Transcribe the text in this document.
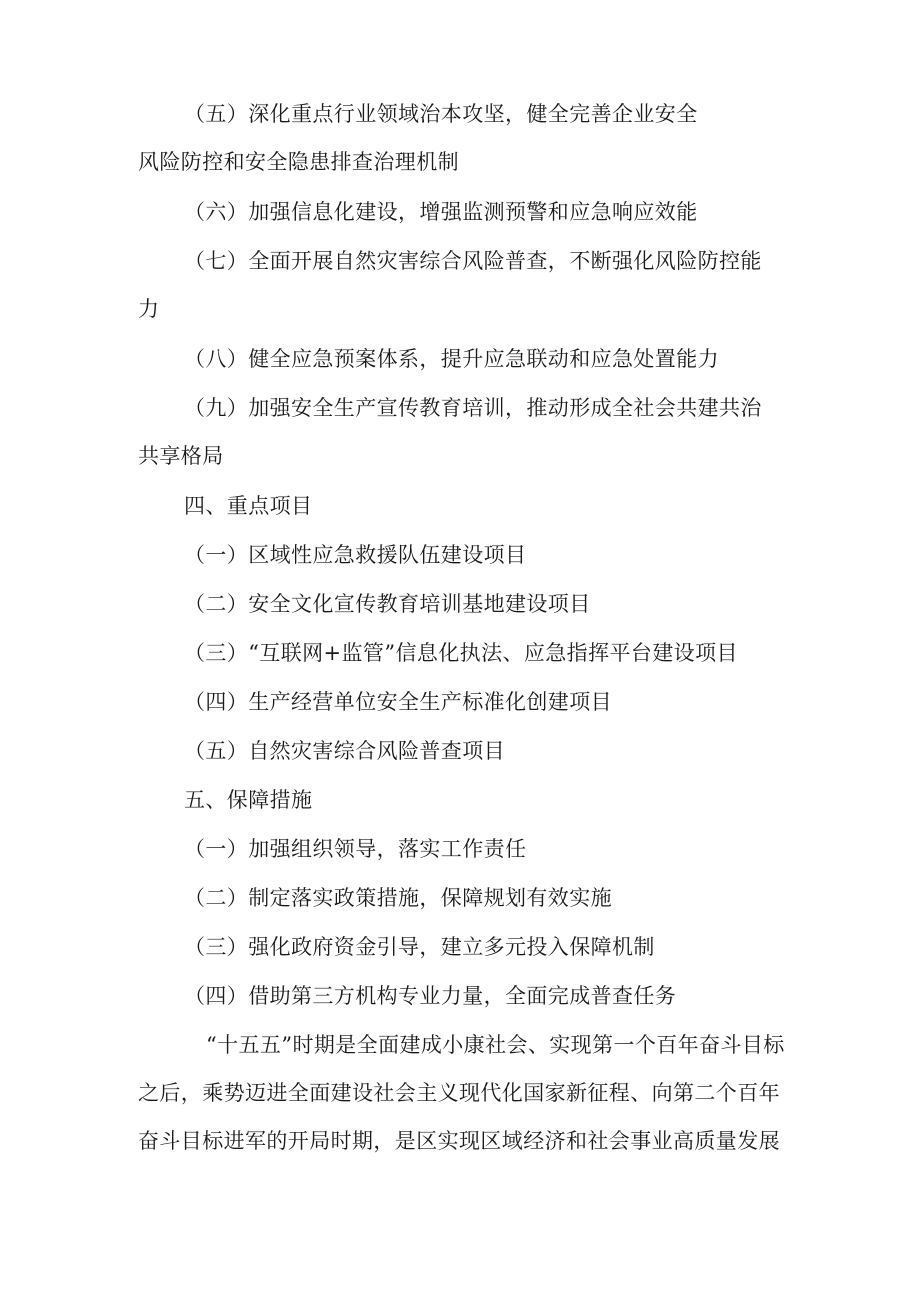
（五）深化重点行业领域治本攻坚，健全完善企业安全
风险防控和安全隐患排查治理机制

（六）加强信息化建设，增强监测预警和应急响应效能

（七）全面开展自然灾害综合风险普查，不断强化风险防控能
力

（八）健全应急预案体系，提升应急联动和应急处置能力

（九）加强安全生产宣传教育培训，推动形成全社会共建共治
共享格局

四、重点项目

（一）区域性应急救援队伍建设项目

（二）安全文化宣传教育培训基地建设项目

（三）“互联网+监管”信息化执法、应急指挥平台建设项目

（四）生产经营单位安全生产标准化创建项目

（五）自然灾害综合风险普查项目

五、保障措施

（一）加强组织领导，落实工作责任

（二）制定落实政策措施，保障规划有效实施

（三）强化政府资金引导，建立多元投入保障机制

（四）借助第三方机构专业力量，全面完成普查任务

“十五五”时期是全面建成小康社会、实现第一个百年奋斗目标
之后，乘势迈进全面建设社会主义现代化国家新征程、向第二个百年
奋斗目标进军的开局时期，是区实现区域经济和社会事业高质量发展
